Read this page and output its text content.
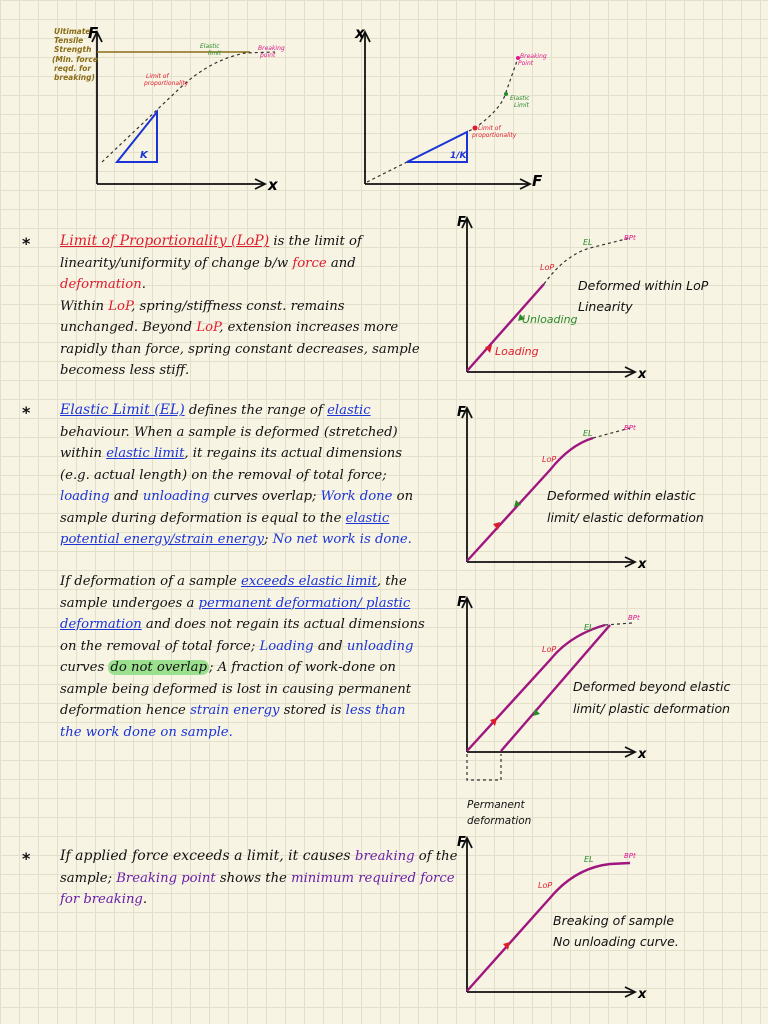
F
x
K
Ultimate Tensile Strength (Min. force reqd. for breaking)
Elastic limit
Breaking point
Limit of proportionality
x
F
1/K
Breaking Point
Elastic Limit
Limit of proportionality
F
x
Loading
Unloading
LoP
EL	BPt
Deformed within LoP Linearity
F
x
LoP
EL
BPt
Deformed within elastic limit/ elastic deformation
F
x
LoP
EL
BPt
Deformed beyond elastic limit/ plastic deformation
Permanent deformation
F
x
LoP
EL	BPt
Breaking of sample No unloading curve.
* Limit of Proportionality (LoP) is the limit of linearity/uniformity of change b/w force and deformation.
Within LoP, spring/stiffness const. remains unchanged. Beyond LoP, extension increases more rapidly than force, spring constant decreases, sample becomess less stiff.

* Elastic Limit (EL) defines the range of elastic behaviour. When a sample is deformed (stretched) within elastic limit, it regains its actual dimensions (e.g. actual length) on the removal of total force; loading and unloading curves overlap; Work done on sample during deformation is equal to the elastic potential energy/strain energy; No net work is done.

If deformation of a sample exceeds elastic limit, the sample undergoes a permanent deformation/ plastic deformation and does not regain its actual dimensions on the removal of total force; Loading and unloading curves do not overlap ; A fraction of work-done on sample being deformed is lost in causing permanent deformation hence strain energy stored is less than the work done on sample.

* If applied force exceeds a limit, it causes breaking of the sample; Breaking point shows the minimum required force for breaking.
